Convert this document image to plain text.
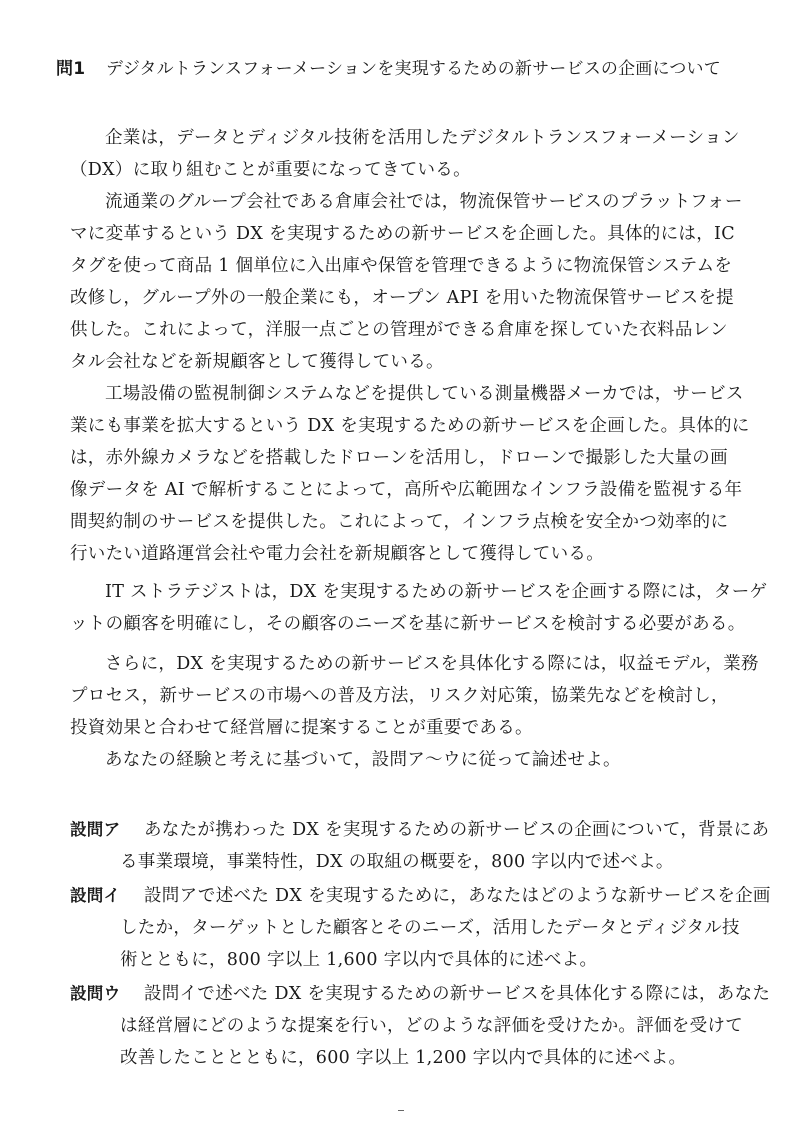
問1 デジタルトランスフォーメーションを実現するための新サービスの企画について
企業は，データとディジタル技術を活用したデジタルトランスフォーメーション
（DX）に取り組むことが重要になってきている。
流通業のグループ会社である倉庫会社では，物流保管サービスのプラットフォー
マに変革するという DX を実現するための新サービスを企画した。具体的には，IC
タグを使って商品 1 個単位に入出庫や保管を管理できるように物流保管システムを
改修し，グループ外の一般企業にも，オープン API を用いた物流保管サービスを提
供した。これによって，洋服一点ごとの管理ができる倉庫を探していた衣料品レン
タル会社などを新規顧客として獲得している。
工場設備の監視制御システムなどを提供している測量機器メーカでは，サービス
業にも事業を拡大するという DX を実現するための新サービスを企画した。具体的に
は，赤外線カメラなどを搭載したドローンを活用し，ドローンで撮影した大量の画
像データを AI で解析することによって，高所や広範囲なインフラ設備を監視する年
間契約制のサービスを提供した。これによって，インフラ点検を安全かつ効率的に
行いたい道路運営会社や電力会社を新規顧客として獲得している。
IT ストラテジストは，DX を実現するための新サービスを企画する際には，ターゲ
ットの顧客を明確にし，その顧客のニーズを基に新サービスを検討する必要がある。
さらに，DX を実現するための新サービスを具体化する際には，収益モデル，業務
プロセス，新サービスの市場への普及方法，リスク対応策，協業先などを検討し，
投資効果と合わせて経営層に提案することが重要である。
あなたの経験と考えに基づいて，設問ア～ウに従って論述せよ。
設問ア あなたが携わった DX を実現するための新サービスの企画について，背景にあ
る事業環境，事業特性，DX の取組の概要を，800 字以内で述べよ。
設問イ 設問アで述べた DX を実現するために，あなたはどのような新サービスを企画
したか，ターゲットとした顧客とそのニーズ，活用したデータとディジタル技
術とともに，800 字以上 1,600 字以内で具体的に述べよ。
設問ウ 設問イで述べた DX を実現するための新サービスを具体化する際には，あなた
は経営層にどのような提案を行い，どのような評価を受けたか。評価を受けて
改善したこととともに，600 字以上 1,200 字以内で具体的に述べよ。
